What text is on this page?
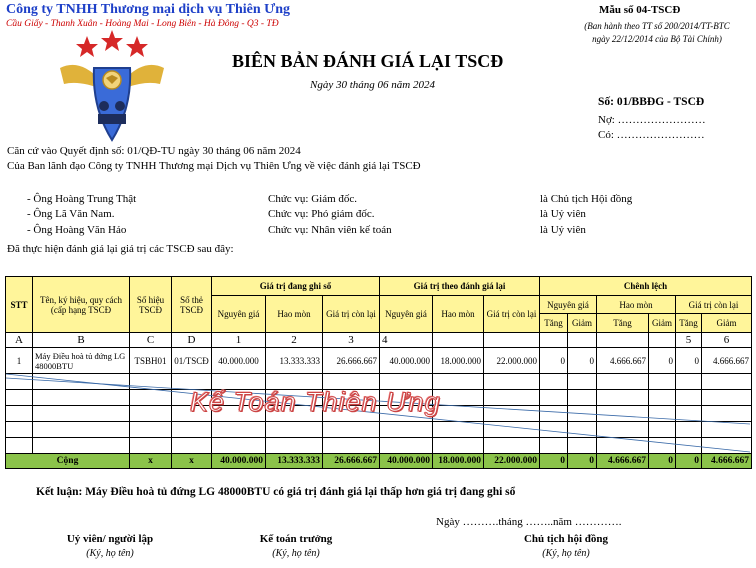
Công ty TNHH Thương mại dịch vụ Thiên Ưng
Cầu Giấy - Thanh Xuân - Hoàng Mai - Long Biên - Hà Đông - Q3 - TĐ
Mẫu số 04-TSCĐ
(Ban hành theo TT số 200/2014/TT-BTC
ngày 22/12/2014 của Bộ Tài Chính)
BIÊN BẢN ĐÁNH GIÁ LẠI TSCĐ
Ngày 30 tháng 06 năm 2024
Số: 01/BBĐG - TSCĐ
Nợ: ……………………
Có: ……………………
Căn cứ vào Quyết định số: 01/QĐ-TU ngày 30 tháng 06 năm 2024
Của Ban lãnh đạo Công ty TNHH Thương mại Dịch vụ Thiên Ưng về việc đánh giá lại TSCĐ
- Ông Hoàng Trung Thật	Chức vụ: Giám đốc.	là Chủ tịch Hội đồng
- Ông Lã Văn Nam.	Chức vụ: Phó giám đốc.	là Uỷ viên
- Ông Hoàng Văn Hảo	Chức vụ: Nhân viên kế toán	là Uỷ viên
Đã thực hiện đánh giá lại giá trị các TSCĐ sau đây:
STT	Tên, ký hiệu, quy cách (cấp hạng TSCĐ	Số hiệu TSCĐ	Số thẻ TSCĐ	Giá trị đang ghi sổ			Giá trị theo đánh giá lại			Chênh lệch					
				Nguyên giá	Hao mòn	Giá trị còn lại	Nguyên giá	Hao mòn	Giá trị còn lại	Nguyên giá		Hao mòn		Giá trị còn lại	
										Tăng	Giảm	Tăng	Giảm	Tăng	Giảm
A	B	C	D	1	2	3	4							5	6
1	Máy Điều hoà tủ đứng LG 48000BTU	TSBH01	01/TSCĐ	40.000.000	13.333.333	26.666.667	40.000.000	18.000.000	22.000.000	0	0	4.666.667	0	0	4.666.667

Cộng		x	x	40.000.000	13.333.333	26.666.667	40.000.000	18.000.000	22.000.000	0	0	4.666.667	0	0	4.666.667
Kế Toán Thiên Ưng
Kết luận: Máy Điều hoà tủ đứng LG 48000BTU có giá trị đánh giá lại thấp hơn giá trị đang ghi sổ
Ngày ……….tháng ……..năm ………….
Uỷ viên/ người lập
(Ký, họ tên)
Kế toán trưởng
(Ký, họ tên)
Chủ tịch hội đồng
(Ký, họ tên)
